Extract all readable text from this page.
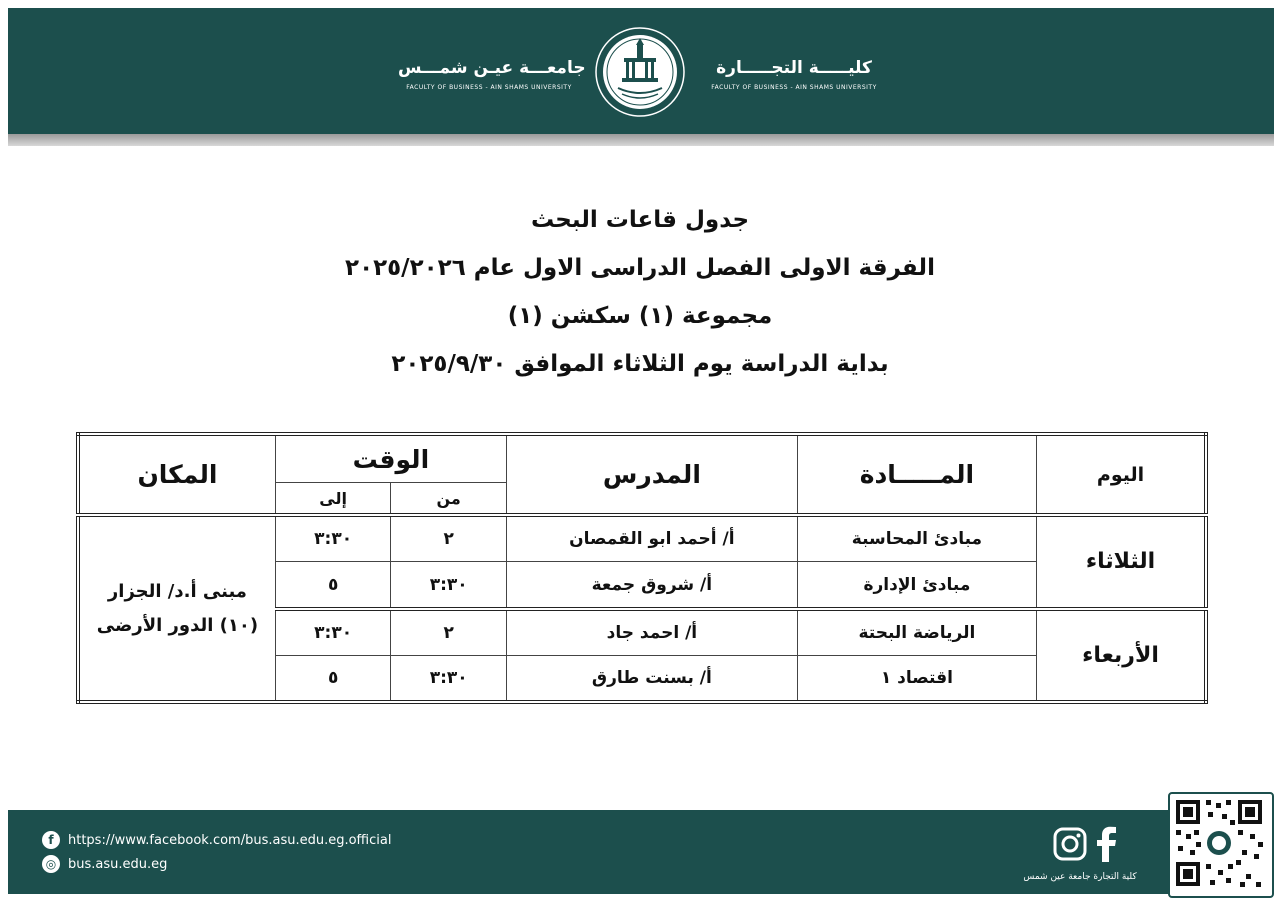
جامعـــة عيـن شمـــس
FACULTY OF BUSINESS - AIN SHAMS UNIVERSITY
كليـــــة التجـــــارة
FACULTY OF BUSINESS - AIN SHAMS UNIVERSITY
جدول قاعات البحث
الفرقة الاولى الفصل الدراسى الاول عام ٢٠٢٥/٢٠٢٦
مجموعة (١) سكشن (١)
بداية الدراسة يوم الثلاثاء الموافق ٢٠٢٥/٩/٣٠
اليوم	المـــــادة	المدرس	الوقت		المكان
			من	إلى	
الثلاثاء	مبادئ المحاسبة	أ/ أحمد ابو القمصان	٢	٣:٣٠	مبنى أ.د/ الجزار
(١٠) الدور الأرضى

	مبادئ الإدارة	أ/ شروق جمعة	٣:٣٠	٥	
الأربعاء	الرياضة البحتة	أ/ احمد جاد	٢	٣:٣٠	
	اقتصاد ١	أ/ بسنت طارق	٣:٣٠	٥	
f	https://www.facebook.com/bus.asu.edu.eg.official
◎ bus.asu.edu.eg
كلية التجارة جامعة عين شمس
